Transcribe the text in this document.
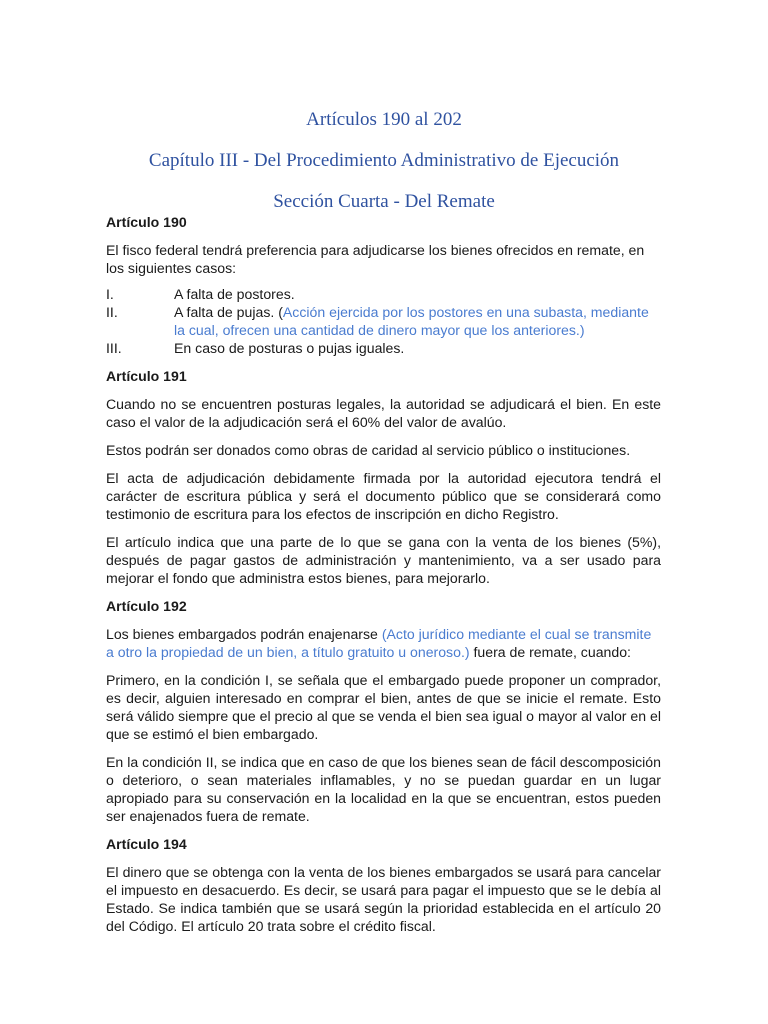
Artículos 190 al 202
Capítulo III - Del Procedimiento Administrativo de Ejecución
Sección Cuarta - Del Remate
Artículo 190
El fisco federal tendrá preferencia para adjudicarse los bienes ofrecidos en remate, en los siguientes casos:
I.	A falta de postores.
II.	A falta de pujas. (Acción ejercida por los postores en una subasta, mediante la cual, ofrecen una cantidad de dinero mayor que los anteriores.)
III.	En caso de posturas o pujas iguales.
Artículo 191
Cuando no se encuentren posturas legales, la autoridad se adjudicará el bien. En este caso el valor de la adjudicación será el 60% del valor de avalúo.
Estos podrán ser donados como obras de caridad al servicio público o instituciones.
El acta de adjudicación debidamente firmada por la autoridad ejecutora tendrá el carácter de escritura pública y será el documento público que se considerará como testimonio de escritura para los efectos de inscripción en dicho Registro.
El artículo indica que una parte de lo que se gana con la venta de los bienes (5%), después de pagar gastos de administración y mantenimiento, va a ser usado para mejorar el fondo que administra estos bienes, para mejorarlo.
Artículo 192
Los bienes embargados podrán enajenarse (Acto jurídico mediante el cual se transmite a otro la propiedad de un bien, a título gratuito u oneroso.) fuera de remate, cuando:
Primero, en la condición I, se señala que el embargado puede proponer un comprador, es decir, alguien interesado en comprar el bien, antes de que se inicie el remate. Esto será válido siempre que el precio al que se venda el bien sea igual o mayor al valor en el que se estimó el bien embargado.
En la condición II, se indica que en caso de que los bienes sean de fácil descomposición o deterioro, o sean materiales inflamables, y no se puedan guardar en un lugar apropiado para su conservación en la localidad en la que se encuentran, estos pueden ser enajenados fuera de remate.
Artículo 194
El dinero que se obtenga con la venta de los bienes embargados se usará para cancelar el impuesto en desacuerdo. Es decir, se usará para pagar el impuesto que se le debía al Estado. Se indica también que se usará según la prioridad establecida en el artículo 20 del Código. El artículo 20 trata sobre el crédito fiscal.
